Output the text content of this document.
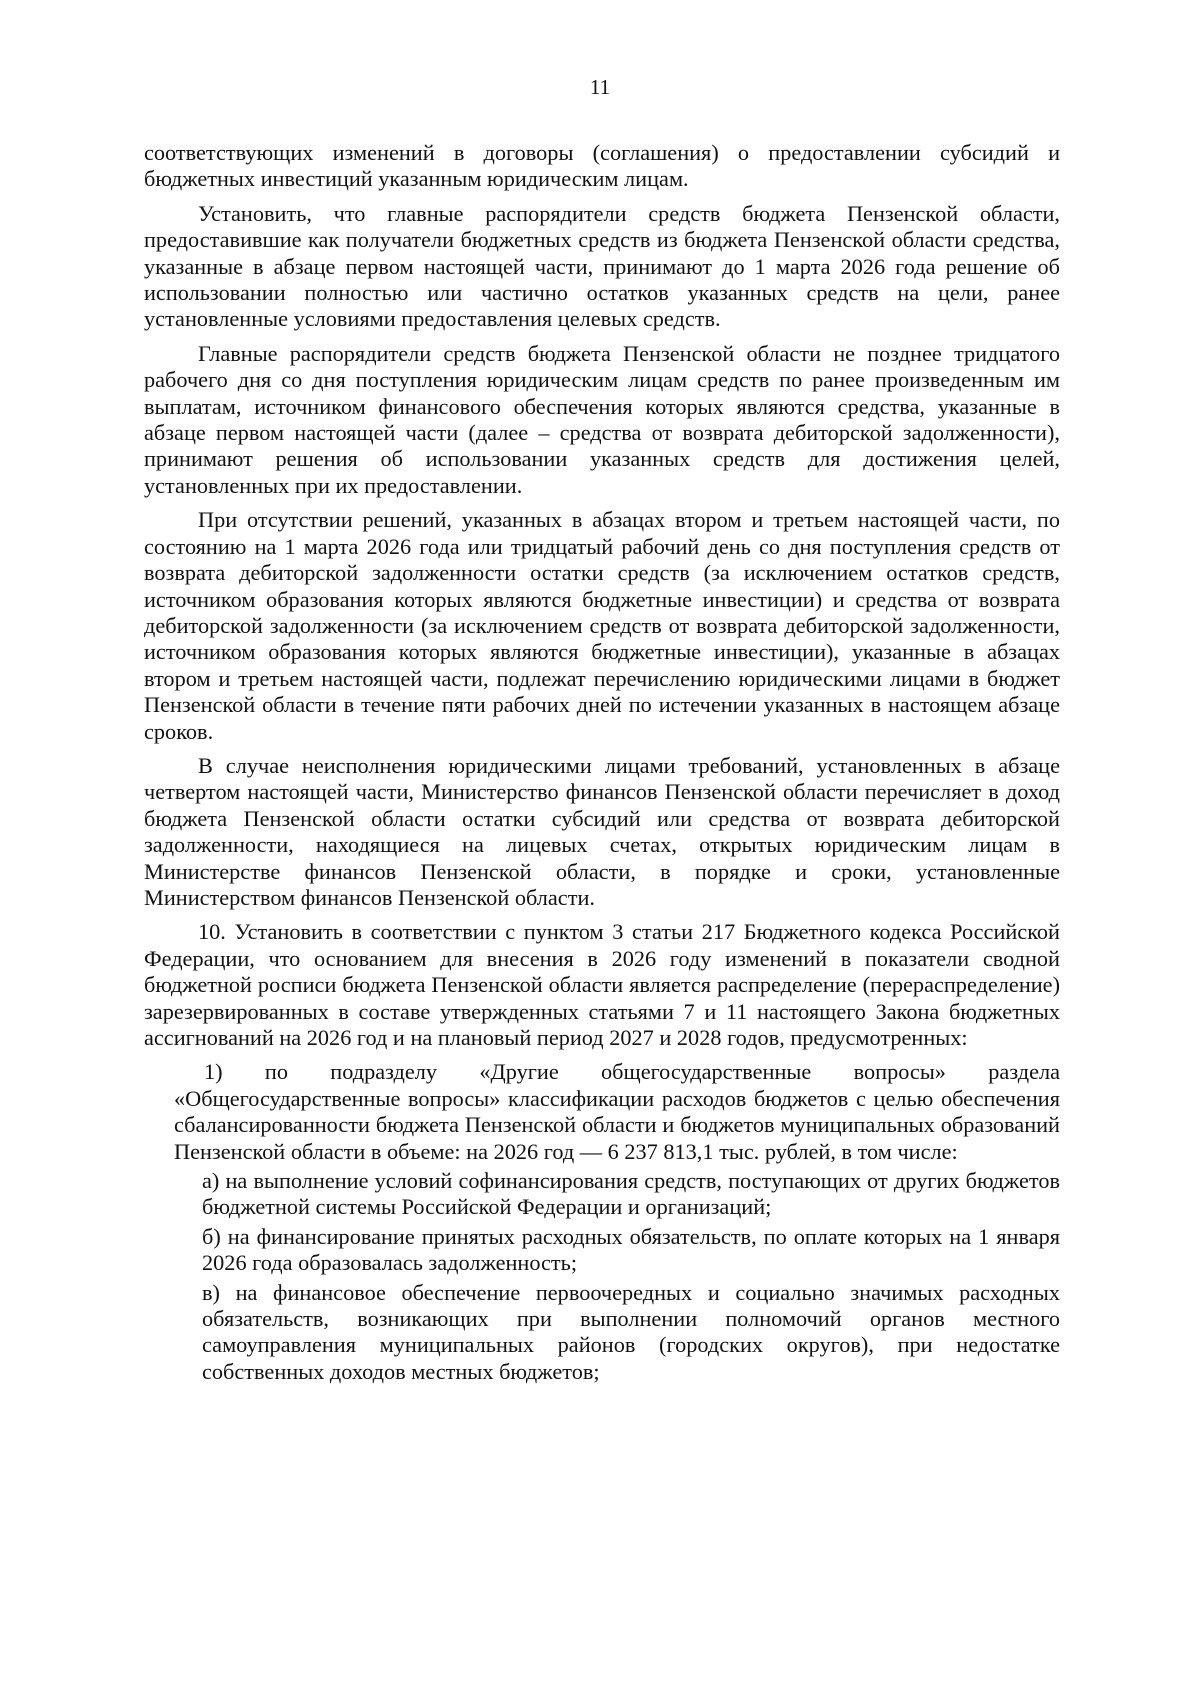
11

соответствующих изменений в договоры (соглашения) о предоставлении субсидий и бюджетных инвестиций указанным юридическим лицам.

Установить, что главные распорядители средств бюджета Пензенской области, предоставившие как получатели бюджетных средств из бюджета Пензенской области средства, указанные в абзаце первом настоящей части, принимают до 1 марта 2026 года решение об использовании полностью или частично остатков указанных средств на цели, ранее установленные условиями предоставления целевых средств.

Главные распорядители средств бюджета Пензенской области не позднее тридцатого рабочего дня со дня поступления юридическим лицам средств по ранее произведенным им выплатам, источником финансового обеспечения которых являются средства, указанные в абзаце первом настоящей части (далее – средства от возврата дебиторской задолженности), принимают решения об использовании указанных средств для достижения целей, установленных при их предоставлении.

При отсутствии решений, указанных в абзацах втором и третьем настоящей части, по состоянию на 1 марта 2026 года или тридцатый рабочий день со дня поступления средств от возврата дебиторской задолженности остатки средств (за исключением остатков средств, источником образования которых являются бюджетные инвестиции) и средства от возврата дебиторской задолженности (за исключением средств от возврата дебиторской задолженности, источником образования которых являются бюджетные инвестиции), указанные в абзацах втором и третьем настоящей части, подлежат перечислению юридическими лицами в бюджет Пензенской области в течение пяти рабочих дней по истечении указанных в настоящем абзаце сроков.

В случае неисполнения юридическими лицами требований, установленных в абзаце четвертом настоящей части, Министерство финансов Пензенской области перечисляет в доход бюджета Пензенской области остатки субсидий или средства от возврата дебиторской задолженности, находящиеся на лицевых счетах, открытых юридическим лицам в Министерстве финансов Пензенской области, в порядке и сроки, установленные Министерством финансов Пензенской области.

10. Установить в соответствии с пунктом 3 статьи 217 Бюджетного кодекса Российской Федерации, что основанием для внесения в 2026 году изменений в показатели сводной бюджетной росписи бюджета Пензенской области является распределение (перераспределение) зарезервированных в составе утвержденных статьями 7 и 11 настоящего Закона бюджетных ассигнований на 2026 год и на плановый период 2027 и 2028 годов, предусмотренных:

1) по подразделу «Другие общегосударственные вопросы» раздела «Общегосударственные вопросы» классификации расходов бюджетов с целью обеспечения сбалансированности бюджета Пензенской области и бюджетов муниципальных образований Пензенской области в объеме: на 2026 год — 6 237 813,1 тыс. рублей, в том числе:

а) на выполнение условий софинансирования средств, поступающих от других бюджетов бюджетной системы Российской Федерации и организаций;

б) на финансирование принятых расходных обязательств, по оплате которых на 1 января 2026 года образовалась задолженность;

в) на финансовое обеспечение первоочередных и социально значимых расходных обязательств, возникающих при выполнении полномочий органов местного самоуправления муниципальных районов (городских округов), при недостатке собственных доходов местных бюджетов;
